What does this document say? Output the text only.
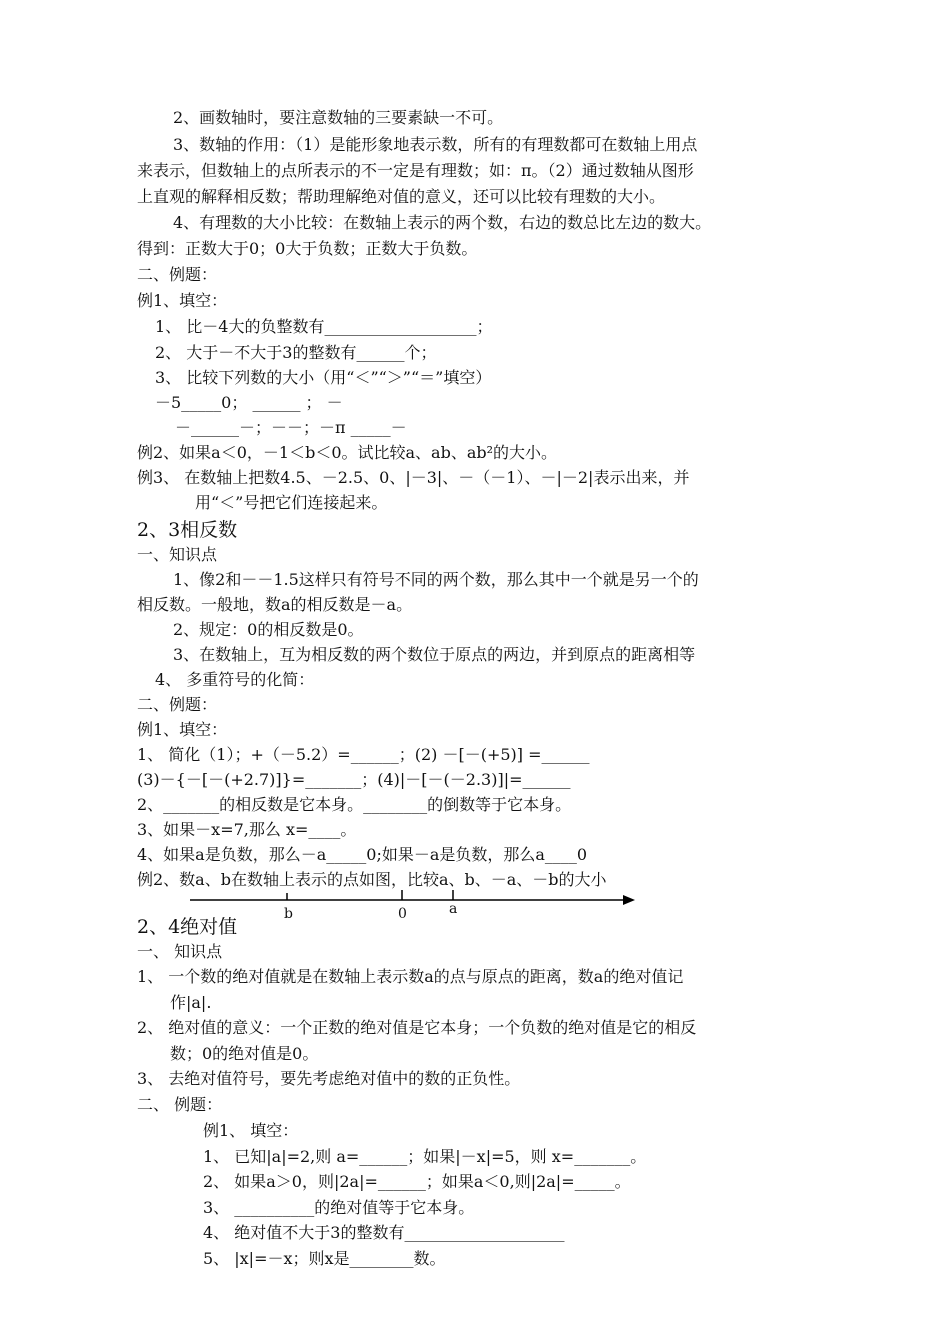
2、画数轴时，要注意数轴的三要素缺一不可。
3、数轴的作用：（1）是能形象地表示数，所有的有理数都可在数轴上用点
来表示，但数轴上的点所表示的不一定是有理数；如：π。（2）通过数轴从图形
上直观的解释相反数；帮助理解绝对值的意义，还可以比较有理数的大小。
4、有理数的大小比较：在数轴上表示的两个数，右边的数总比左边的数大。
得到：正数大于0；0大于负数；正数大于负数。
二、例题：
例1、填空：
1、 比－4大的负整数有___________________；
2、 大于－不大于3的整数有______个；
3、 比较下列数的大小（用“＜”“＞”“＝”填空）
－5_____0； ______ ； －
－______－；－－；－π _____－
例2、如果a＜0，－1＜b＜0。试比较a、ab、ab²的大小。
例3、 在数轴上把数4.5、－2.5、0、|－3|、－（－1）、－|－2|表示出来，并
用“＜”号把它们连接起来。
2、3相反数
一、知识点
1、像2和－－1.5这样只有符号不同的两个数，那么其中一个就是另一个的
相反数。一般地，数a的相反数是－a。
2、规定：0的相反数是0。
3、在数轴上，互为相反数的两个数位于原点的两边，并到原点的距离相等
4、 多重符号的化简：
二、例题：
例1、填空：
1、 简化（1）；+（－5.2）=______；(2) －[－(+5)] =______
(3)－{－[－(+2.7)]}=_______；(4)|－[－(－2.3)]|=______
2、_______的相反数是它本身。________的倒数等于它本身。
3、如果－x=7,那么 x=____。
4、如果a是负数，那么－a_____0;如果－a是负数，那么a____0
例2、数a、b在数轴上表示的点如图，比较a、b、－a、－b的大小
2、4绝对值
一、 知识点
1、 一个数的绝对值就是在数轴上表示数a的点与原点的距离，数a的绝对值记
作|a|.
2、 绝对值的意义：一个正数的绝对值是它本身；一个负数的绝对值是它的相反
数；0的绝对值是0。
3、 去绝对值符号，要先考虑绝对值中的数的正负性。
二、 例题：
例1、 填空：
1、 已知|a|=2,则 a=______；如果|－x|=5，则 x=_______。
2、 如果a＞0，则|2a|=______；如果a＜0,则|2a|=_____。
3、 __________的绝对值等于它本身。
4、 绝对值不大于3的整数有____________________
5、 |x|=－x；则x是________数。
b	0	a
